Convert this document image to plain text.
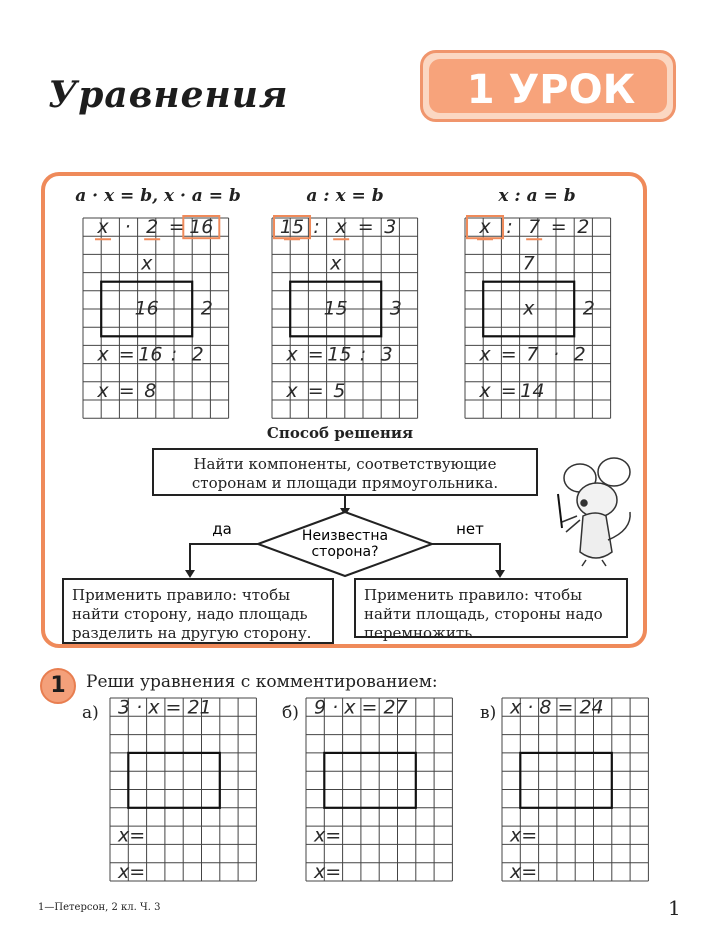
Уравнения	1 УРОК
a · x = b, x · a = b	a : x = b	x : a = b
x · 2 = 16
x
16 2
x = 16 : 2
x = 8
15 : x = 3
x
15 3
x = 15 : 3
x = 5
x : 7 = 2
7
x	2
x = 7 · 2
x = 14
Способ решения
Найти компоненты, соответствующие
сторонам и площади прямоугольника.
Неизвестна
сторона?
да	нет
Применить правило: чтобы
найти сторону, надо площадь
разделить на другую сторону.
Применить правило: чтобы
найти площадь, стороны надо
перемножить.
1	Реши уравнения с комментированием:
а)	б)	в)
3 · x = 21
x=
x=
9 · x = 27
x=
x=
x · 8 = 24
x=
x=
1—Петерсон, 2 кл. Ч. 3	1
